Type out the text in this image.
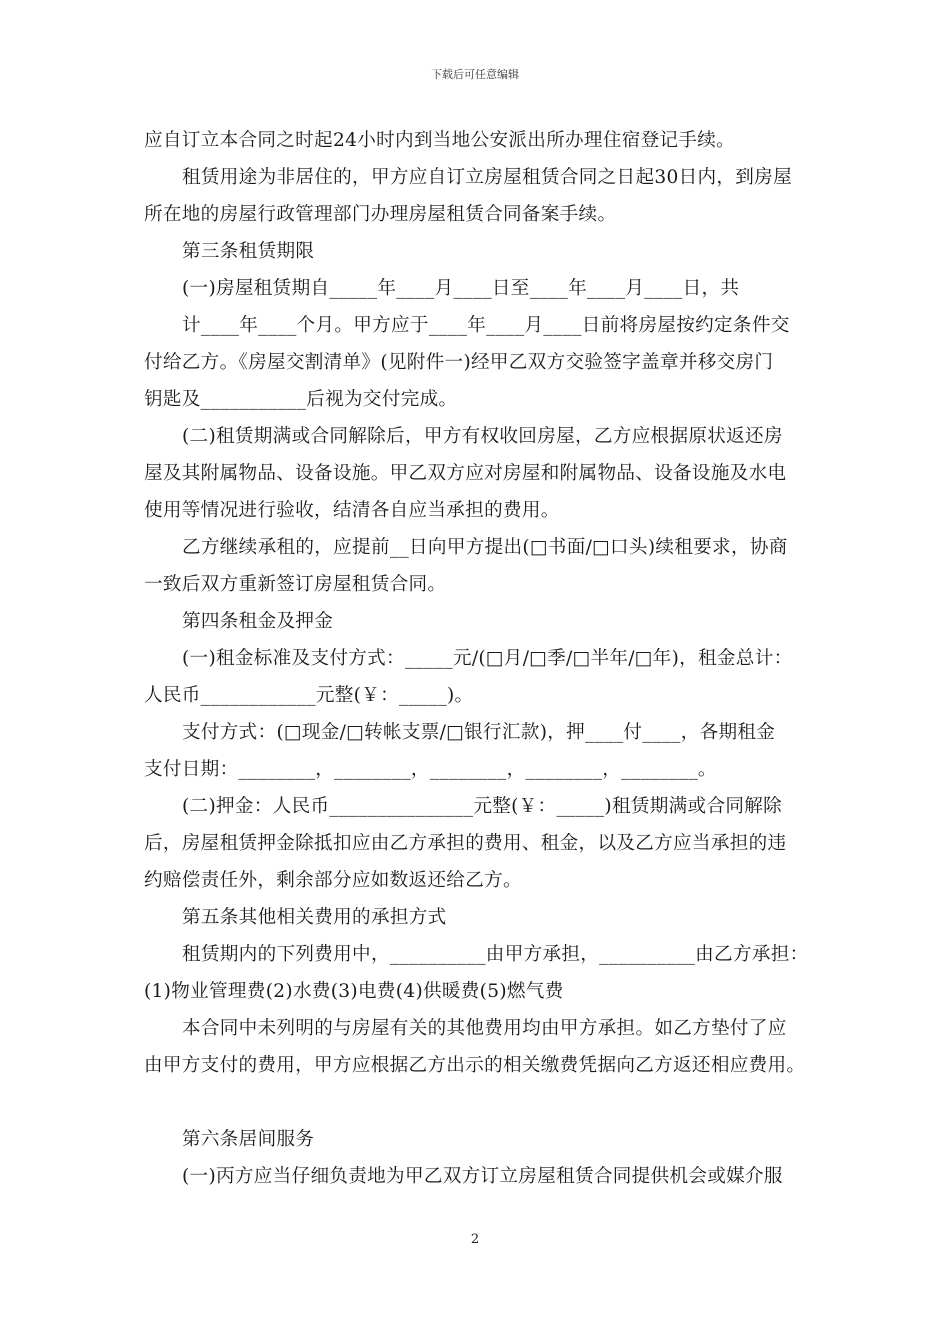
下载后可任意编辑
应自订立本合同之时起24小时内到当地公安派出所办理住宿登记手续。
租赁用途为非居住的，甲方应自订立房屋租赁合同之日起30日内，到房屋
所在地的房屋行政管理部门办理房屋租赁合同备案手续。
第三条租赁期限
(一)房屋租赁期自_____年____月____日至____年____月____日，共
计____年____个月。甲方应于____年____月____日前将房屋按约定条件交
付给乙方。《房屋交割清单》(见附件一)经甲乙双方交验签字盖章并移交房门
钥匙及___________后视为交付完成。
(二)租赁期满或合同解除后，甲方有权收回房屋，乙方应根据原状返还房
屋及其附属物品、设备设施。甲乙双方应对房屋和附属物品、设备设施及水电
使用等情况进行验收，结清各自应当承担的费用。
乙方继续承租的，应提前__日向甲方提出(□书面/□口头)续租要求，协商
一致后双方重新签订房屋租赁合同。
第四条租金及押金
(一)租金标准及支付方式：_____元/(□月/□季/□半年/□年)，租金总计：
人民币____________元整(￥：_____)。
支付方式：(□现金/□转帐支票/□银行汇款)，押____付____，各期租金
支付日期：________，________，________，________，________。
(二)押金：人民币_______________元整(￥：_____)租赁期满或合同解除
后，房屋租赁押金除抵扣应由乙方承担的费用、租金，以及乙方应当承担的违
约赔偿责任外，剩余部分应如数返还给乙方。
第五条其他相关费用的承担方式
租赁期内的下列费用中，__________由甲方承担，__________由乙方承担：
(1)物业管理费(2)水费(3)电费(4)供暖费(5)燃气费
本合同中未列明的与房屋有关的其他费用均由甲方承担。如乙方垫付了应
由甲方支付的费用，甲方应根据乙方出示的相关缴费凭据向乙方返还相应费用。
第六条居间服务
(一)丙方应当仔细负责地为甲乙双方订立房屋租赁合同提供机会或媒介服
2
